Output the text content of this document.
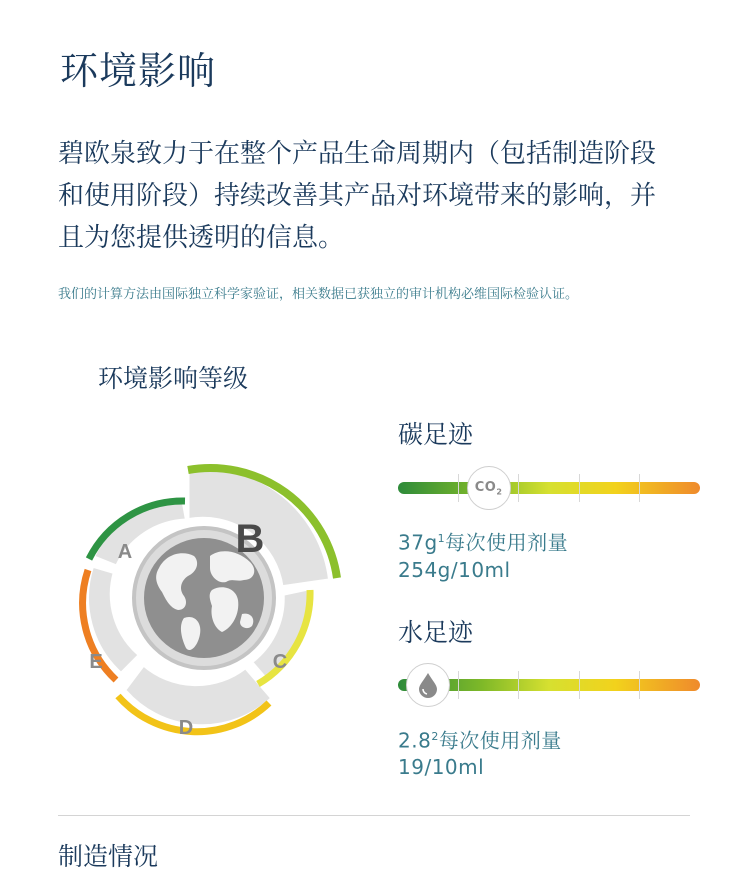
环境影响

碧欧泉致力于在整个产品生命周期内（包括制造阶段

和使用阶段）持续改善其产品对环境带来的影响，并

且为您提供透明的信息。

我们的计算方法由国际独立科学家验证，相关数据已获独立的审计机构必维国际检验认证。
环境影响等级
A	B
C
D
E
碳足迹
$CO_2$
$37g^1$每次使用剂量
254g/10ml
水足迹
$2.8^2$每次使用剂量
19/10ml
制造情况
